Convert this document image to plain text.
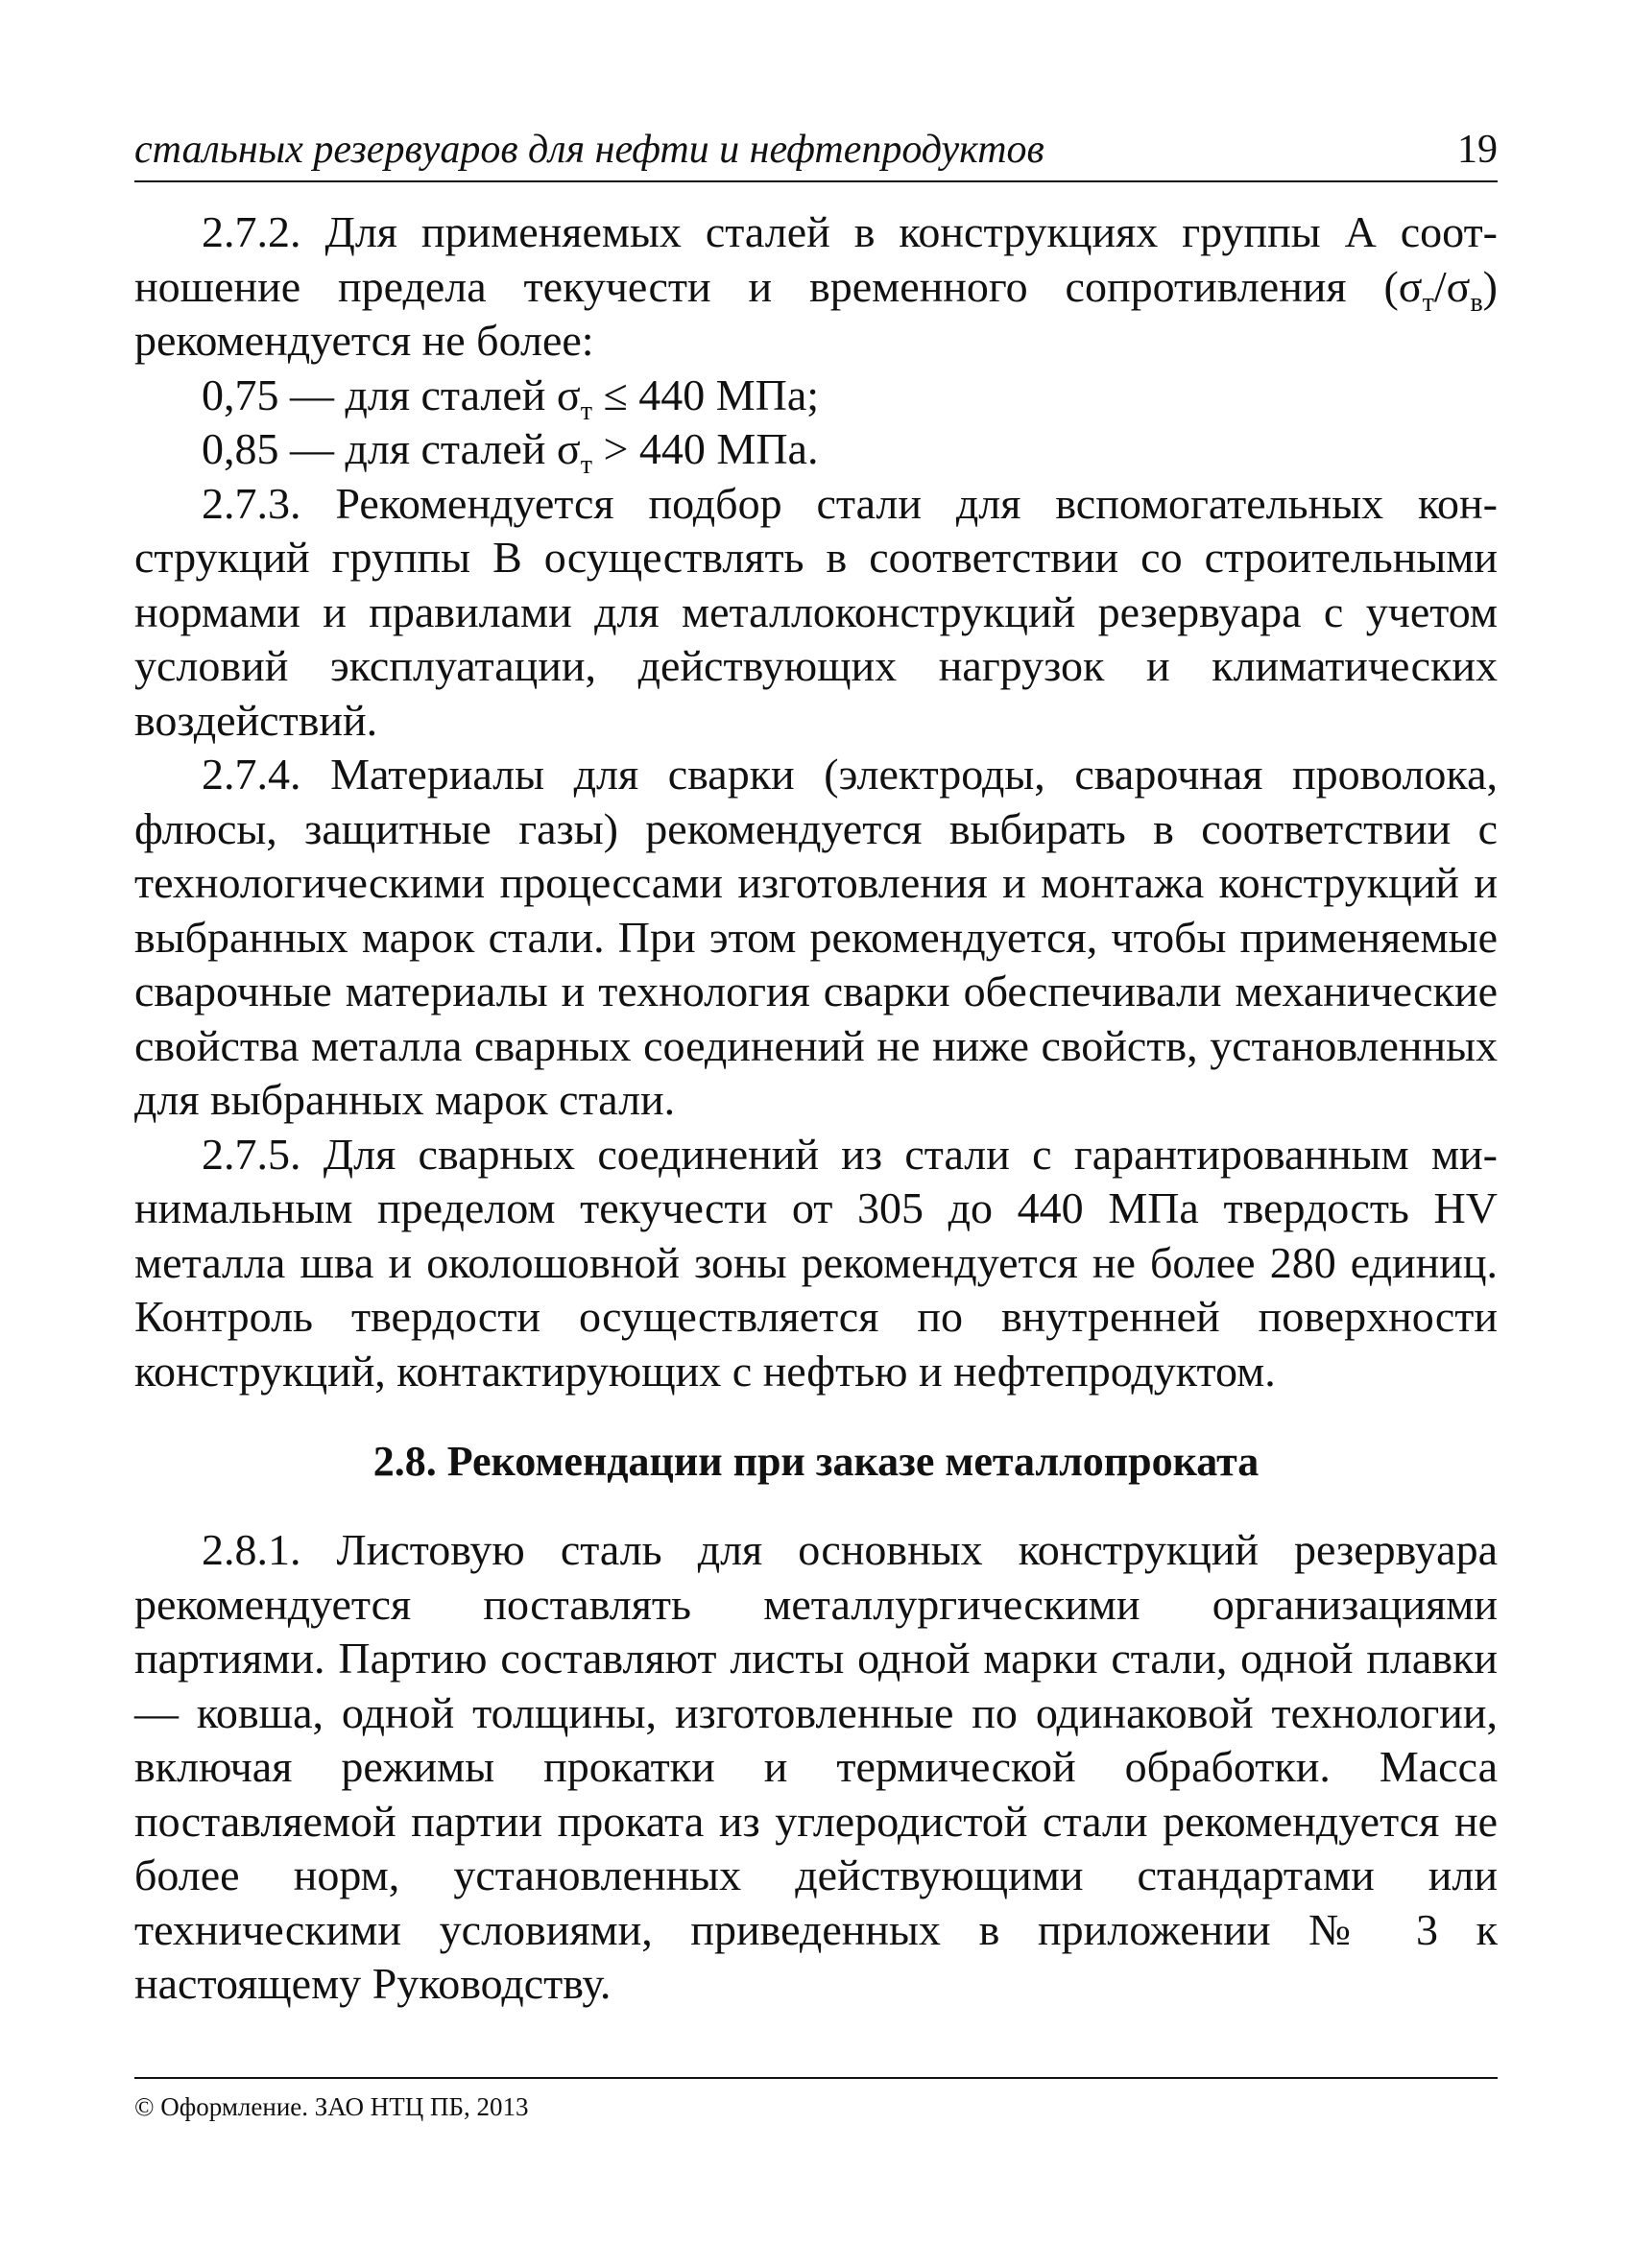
стальных резервуаров для нефти и нефтепродуктов	19

2.7.2. Для применяемых сталей в конструкциях группы А соотношение предела текучести и временного сопротивления $(\sigma_т/\sigma_в)$ рекомендуется не более:

0,75 — для сталей $\sigma_т \le 440$ МПа;

0,85 — для сталей $\sigma_т > 440$ МПа.

2.7.3. Рекомендуется подбор стали для вспомогательных конструкций группы В осуществлять в соответствии со строительными нормами и правилами для металлоконструкций резервуара с учетом условий эксплуатации, действующих нагрузок и климатических воздействий.

2.7.4. Материалы для сварки (электроды, сварочная проволока, флюсы, защитные газы) рекомендуется выбирать в соответствии с технологическими процессами изготовления и монтажа конструкций и выбранных марок стали. При этом рекомендуется, чтобы применяемые сварочные материалы и технология сварки обеспечивали механические свойства металла сварных соединений не ниже свойств, установленных для выбранных марок стали.

2.7.5. Для сварных соединений из стали с гарантированным минимальным пределом текучести от 305 до 440 МПа твердость HV металла шва и околошовной зоны рекомендуется не более 280 единиц. Контроль твердости осуществляется по внутренней поверхности конструкций, контактирующих с нефтью и нефтепродуктом.

2.8. Рекомендации при заказе металлопроката

2.8.1. Листовую сталь для основных конструкций резервуара рекомендуется поставлять металлургическими организациями партиями. Партию составляют листы одной марки стали, одной плавки — ковша, одной толщины, изготовленные по одинаковой технологии, включая режимы прокатки и термической обработки. Масса поставляемой партии проката из углеродистой стали рекомендуется не более норм, установленных действующими стандартами или техническими условиями, приведенных в приложении № 3 к настоящему Руководству.

© Оформление. ЗАО НТЦ ПБ, 2013
